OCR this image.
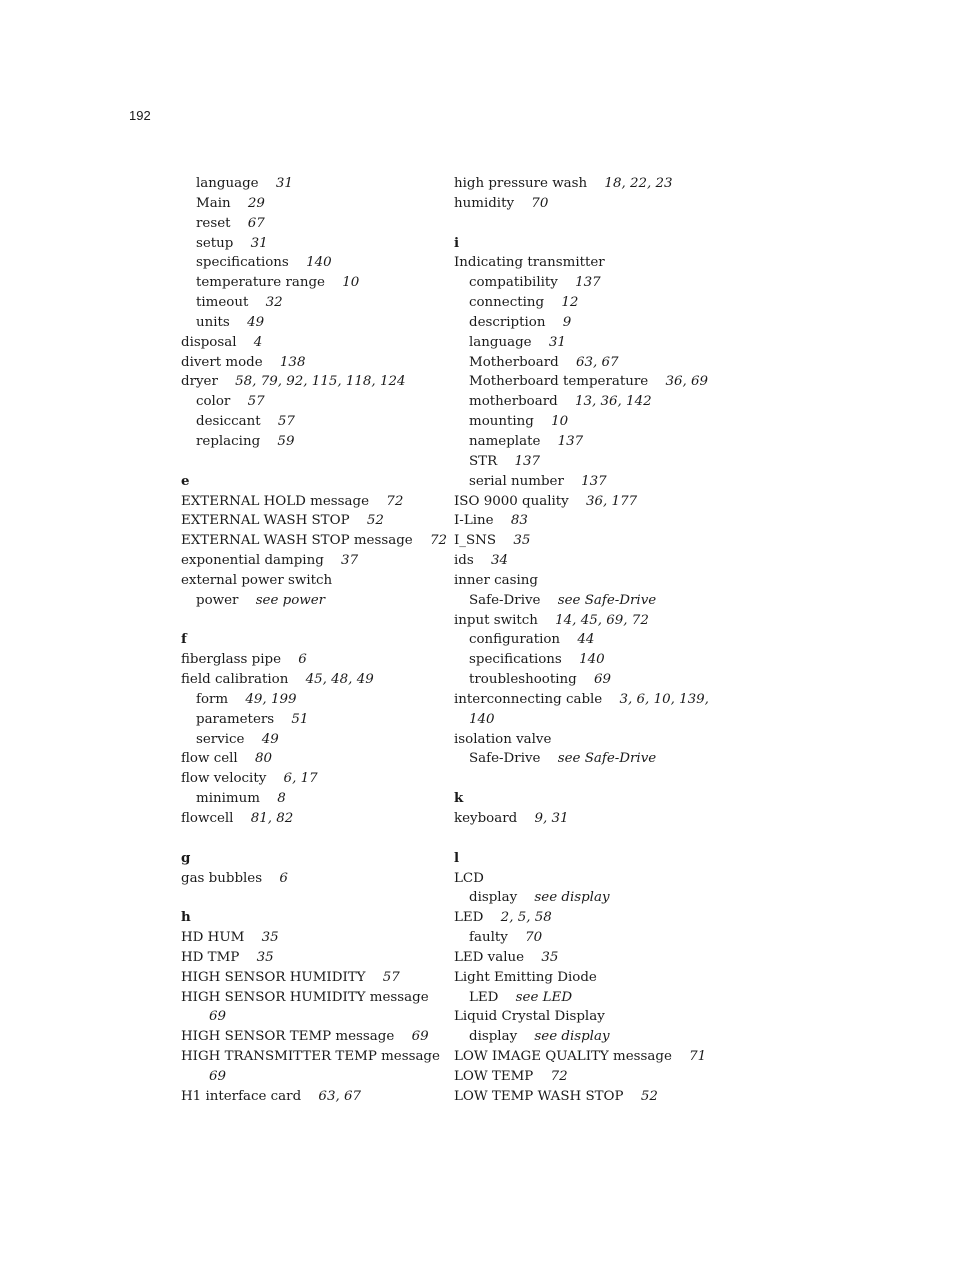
192
language 31
Main 29
reset 67
setup 31
specifications 140
temperature range 10
timeout 32
units 49
disposal 4
divert mode 138
dryer 58, 79, 92, 115, 118, 124
color 57
desiccant 57
replacing 59
e
EXTERNAL HOLD message 72
EXTERNAL WASH STOP 52
EXTERNAL WASH STOP message 72
exponential damping 37
external power switch
power see power
f
fiberglass pipe 6
field calibration 45, 48, 49
form 49, 199
parameters 51
service 49
flow cell 80
flow velocity 6, 17
minimum 8
flowcell 81, 82
g
gas bubbles 6
h
HD HUM 35
HD TMP 35
HIGH SENSOR HUMIDITY 57
HIGH SENSOR HUMIDITY message 69
HIGH SENSOR TEMP message 69
HIGH TRANSMITTER TEMP message 69
H1 interface card 63, 67
high pressure wash 18, 22, 23
humidity 70
i
Indicating transmitter
compatibility 137
connecting 12
description 9
language 31
Motherboard 63, 67
Motherboard temperature 36, 69
motherboard 13, 36, 142
mounting 10
nameplate 137
STR 137
serial number 137
ISO 9000 quality 36, 177
I-Line 83
I_SNS 35
ids 34
inner casing
Safe-Drive see Safe-Drive
input switch 14, 45, 69, 72
configuration 44
specifications 140
troubleshooting 69
interconnecting cable 3, 6, 10, 139, 140
isolation valve
Safe-Drive see Safe-Drive
k
keyboard 9, 31
l
LCD
display see display
LED 2, 5, 58
faulty 70
LED value 35
Light Emitting Diode
LED see LED
Liquid Crystal Display
display see display
LOW IMAGE QUALITY message 71
LOW TEMP 72
LOW TEMP WASH STOP 52
